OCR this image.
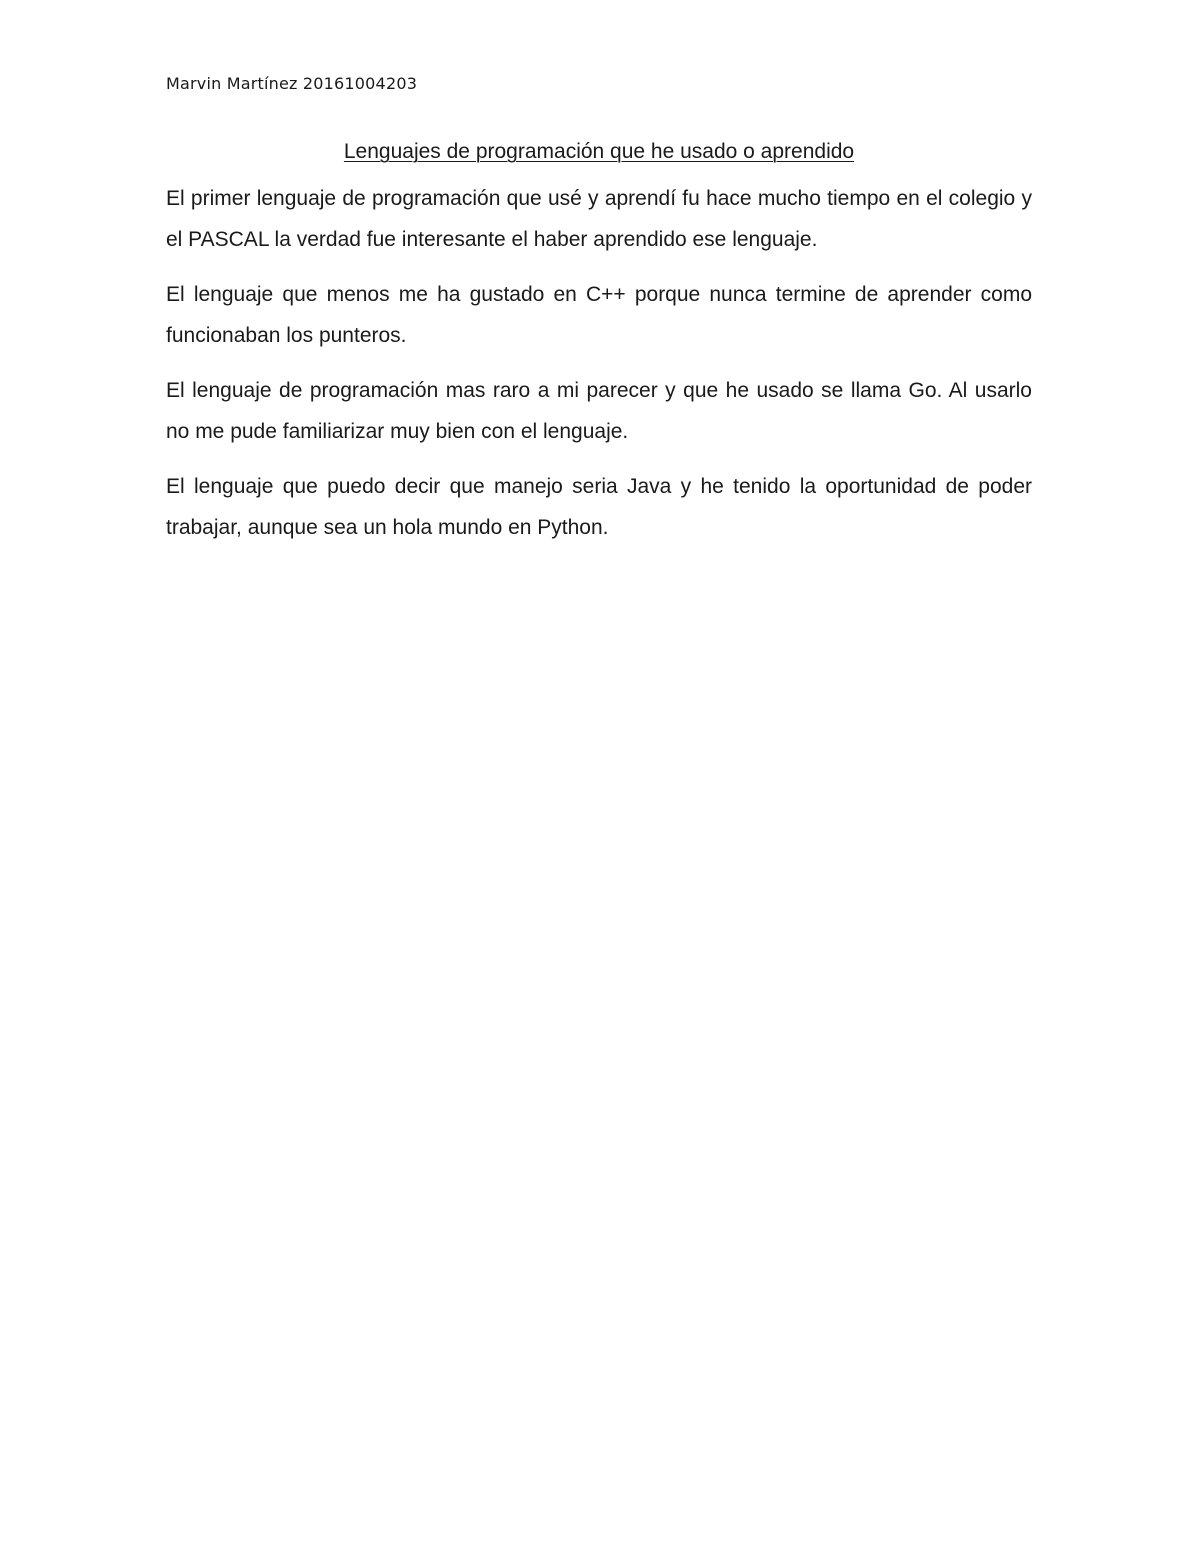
Marvin Martínez 20161004203
Lenguajes de programación que he usado o aprendido

El primer lenguaje de programación que usé y aprendí fu hace mucho tiempo en el colegio y el PASCAL la verdad fue interesante el haber aprendido ese lenguaje.

El lenguaje que menos me ha gustado en C++ porque nunca termine de aprender como funcionaban los punteros.

El lenguaje de programación mas raro a mi parecer y que he usado se llama Go. Al usarlo no me pude familiarizar muy bien con el lenguaje.

El lenguaje que puedo decir que manejo seria Java y he tenido la oportunidad de poder trabajar, aunque sea un hola mundo en Python.
